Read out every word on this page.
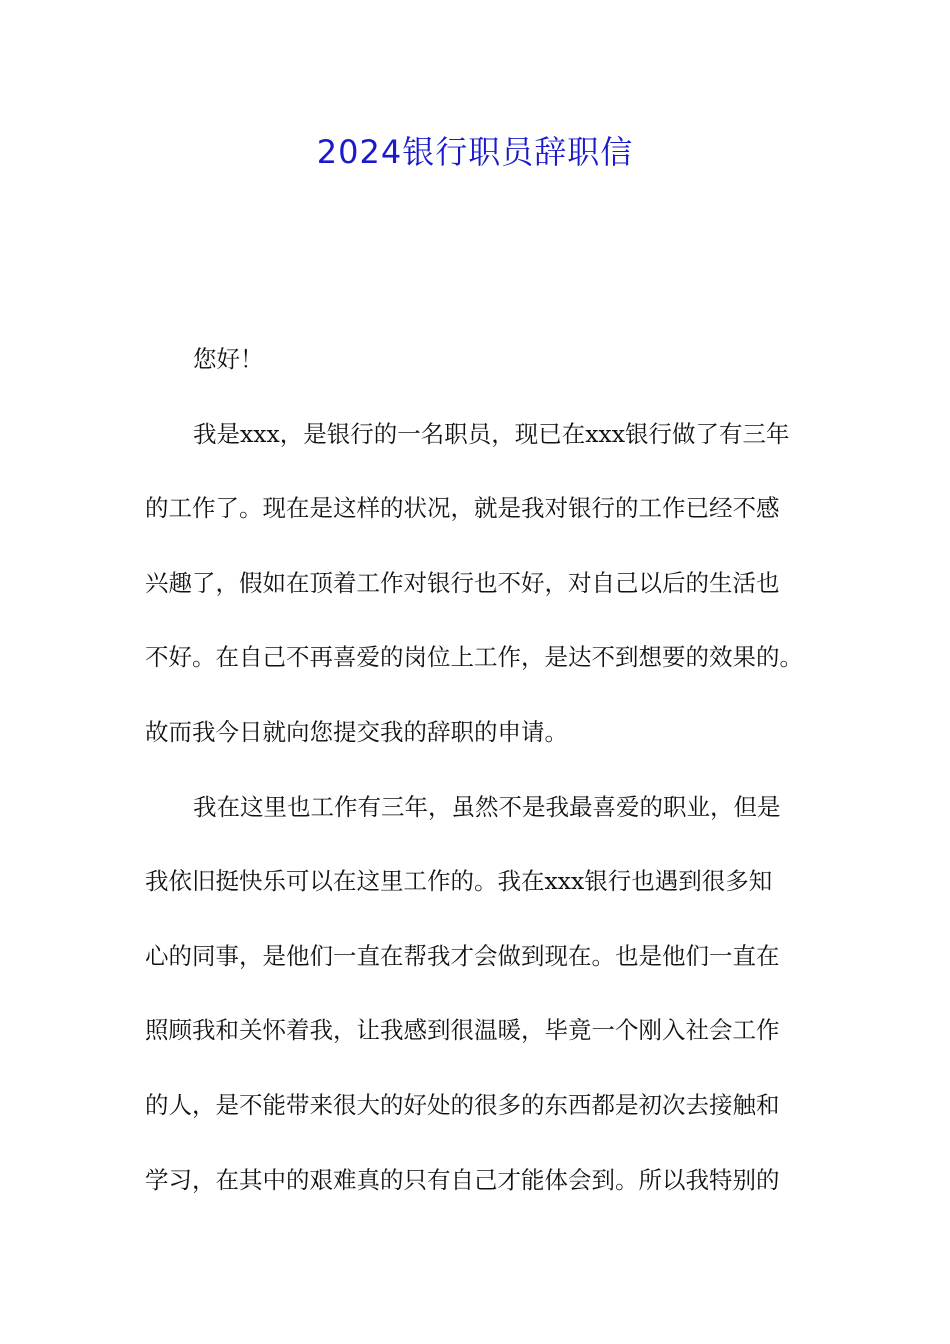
2024银行职员辞职信
您好！
我是xxx，是银行的一名职员，现已在xxx银行做了有三年
的工作了。现在是这样的状况，就是我对银行的工作已经不感
兴趣了，假如在顶着工作对银行也不好，对自己以后的生活也
不好。在自己不再喜爱的岗位上工作，是达不到想要的效果的。
故而我今日就向您提交我的辞职的申请。
我在这里也工作有三年，虽然不是我最喜爱的职业，但是
我依旧挺快乐可以在这里工作的。我在xxx银行也遇到很多知
心的同事，是他们一直在帮我才会做到现在。也是他们一直在
照顾我和关怀着我，让我感到很温暖，毕竟一个刚入社会工作
的人，是不能带来很大的好处的很多的东西都是初次去接触和
学习，在其中的艰难真的只有自己才能体会到。所以我特别的
